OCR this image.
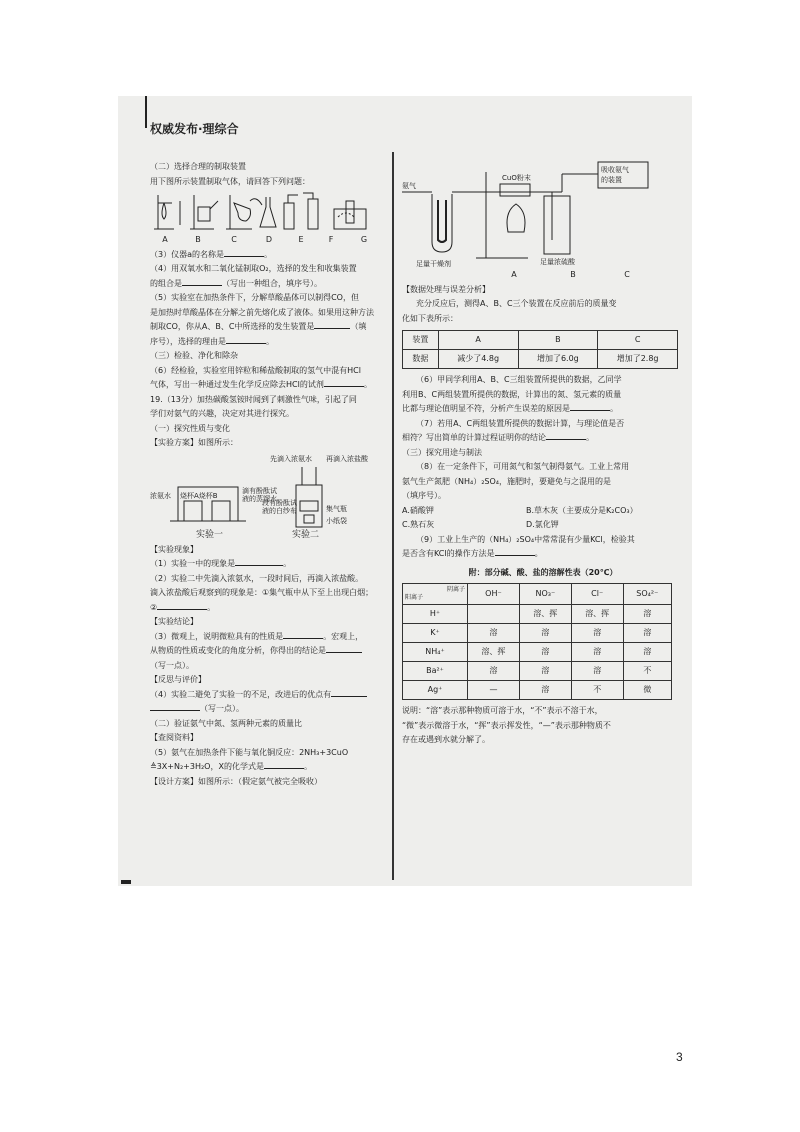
权威发布·理综合

（二）选择合理的制取装置

用下图所示装置制取气体，请回答下列问题：

A	B	C	D	E	F	G

（3）仪器a的名称是	。

（4）用双氧水和二氧化锰制取O₂，选择的发生和收集装置

的组合是	（写出一种组合，填序号）。

（5）实验室在加热条件下，分解草酸晶体可以制得CO，但

是加热时草酸晶体在分解之前先熔化成了液体。如果用这种方法

制取CO，你从A、B、C中所选择的发生装置是	（填

序号），选择的理由是	。

（三）检验、净化和除杂

（6）经检验，实验室用锌粒和稀盐酸制取的氢气中混有HCl

气体，写出一种通过发生化学反应除去HCl的试剂	。

19.（13分）加热碳酸氢铵时闻到了刺激性气味，引起了同

学们对氨气的兴趣，决定对其进行探究。

（一）探究性质与变化

【实验方案】如图所示：

浓氨水 烧杯A烧杯B
滴有酚酞试
液的蒸馏水
先滴入浓氨水 再滴入浓盐酸
段有酚酞试
液的白纱布	集气瓶
小纸袋
实验一	实验二

【实验现象】

（1）实验一中的现象是	。

（2）实验二中先滴入浓氨水，一段时间后，再滴入浓盐酸。

滴入浓盐酸后观察到的现象是：①集气瓶中从下至上出现白烟；

②	。

【实验结论】

（3）微观上，说明微粒具有的性质是	。宏观上，

从物质的性质或变化的角度分析，你得出的结论是

（写一点）。

【反思与评价】

（4）实验二避免了实验一的不足，改进后的优点有

（写一点）。

（二）验证氨气中氮、氢两种元素的质量比

【查阅资料】

（5）氨气在加热条件下能与氧化铜反应：2NH₃+3CuO

≜3X+N₂+3H₂O，X的化学式是	。

【设计方案】如图所示：（假定氨气被完全吸收）

氨气
CuO粉末
吸收氨气
的装置
足量干燥剂	足量浓硫酸
A	B	C

【数据处理与误差分析】

充分反应后，测得A、B、C三个装置在反应前后的质量变

化如下表所示：

装置	A	B	C
数据	减少了4.8g	增加了6.0g	增加了2.8g

（6）甲同学利用A、B、C三组装置所提供的数据，乙同学

利用B、C两组装置所提供的数据，计算出的氮、氢元素的质量

比都与理论值明显不符，分析产生误差的原因是	。

（7）若用A、C两组装置所提供的数据计算，与理论值是否

相符？写出简单的计算过程证明你的结论	。

（三）探究用途与制法

（8）在一定条件下，可用氮气和氢气制得氨气。工业上常用

氨气生产氮肥（NH₄）₂SO₄，施肥时，要避免与之混用的是

（填序号）。

A.硝酸钾	B.草木灰（主要成分是K₂CO₃）

C.熟石灰	D.氯化钾

（9）工业上生产的（NH₄）₂SO₄中常常混有少量KCl，检验其

是否含有KCl的操作方法是	。

附：部分碱、酸、盐的溶解性表（20℃）

阴离子
阳离子	OH⁻	NO₃⁻	Cl⁻	SO₄²⁻
H⁺		溶、挥	溶、挥	溶
K⁺	溶	溶	溶	溶
NH₄⁺	溶、挥	溶	溶	溶
Ba²⁺	溶	溶	溶	不
Ag⁺	—	溶	不	微

说明：“溶”表示那种物质可溶于水，“不”表示不溶于水，

“微”表示微溶于水，“挥”表示挥发性，“—”表示那种物质不

存在或遇到水就分解了。

3
